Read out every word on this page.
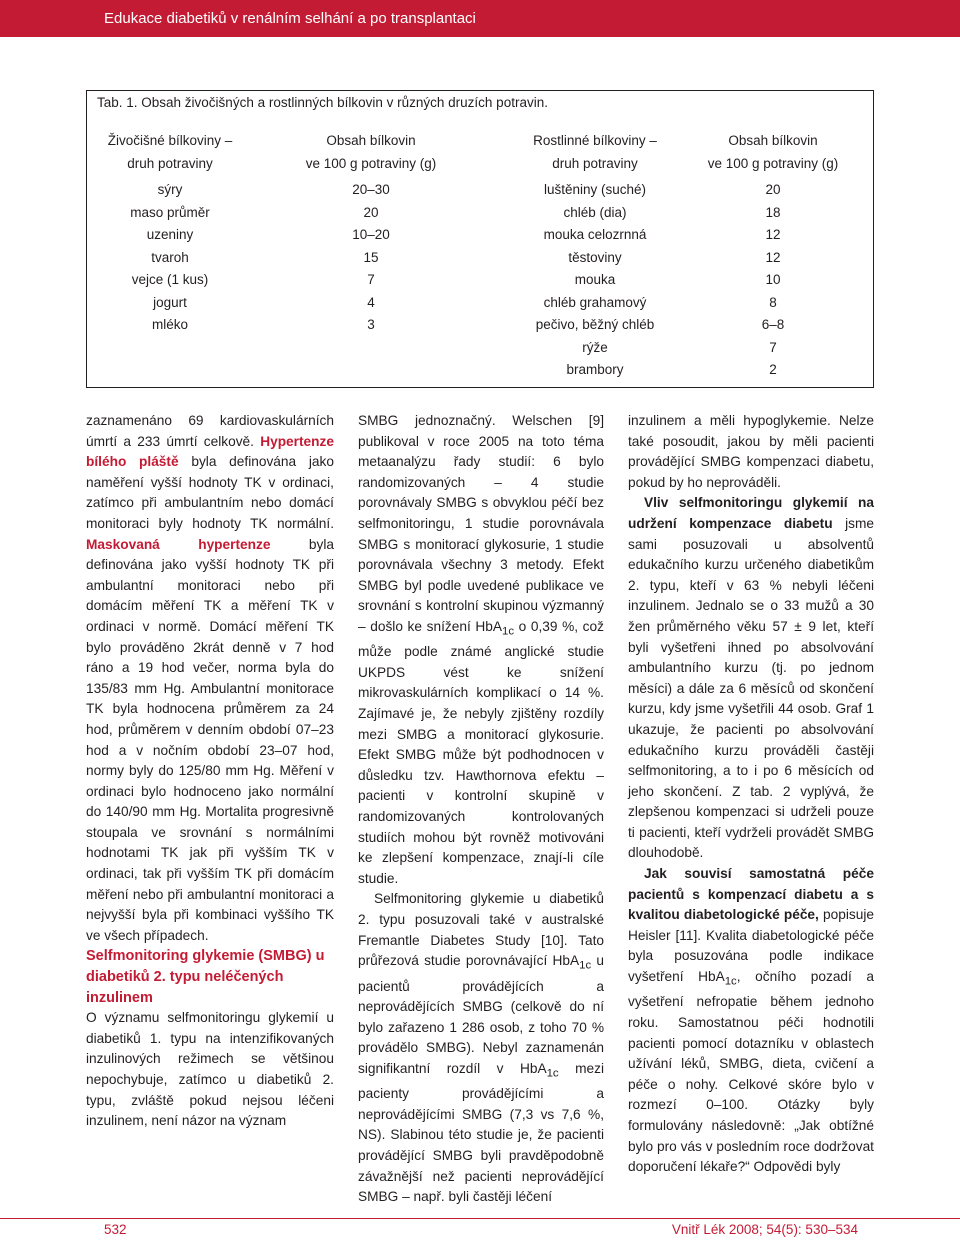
Edukace diabetiků v renálním selhání a po transplantaci
Tab. 1. Obsah živočišných a rostlinných bílkovin v různých druzích potravin.
Živočišné bílkoviny –
druh potraviny
sýry
maso průměr
uzeniny
tvaroh
vejce (1 kus)
jogurt
mléko
Obsah bílkovin
ve 100 g potraviny (g)
20–30
20
10–20
15
7
4
3
Rostlinné bílkoviny –
druh potraviny
luštěniny (suché)
chléb (dia)
mouka celozrnná
těstoviny
mouka
chléb grahamový
pečivo, běžný chléb
rýže
brambory
Obsah bílkovin
ve 100 g potraviny (g)
20
18
12
12
10
8
6–8
7
2

zaznamenáno 69 kardiovaskulárních úmrtí a 233 úmrtí celkově. Hypertenze bílého pláště byla definována jako naměření vyšší hodnoty TK v ordinaci, zatímco při ambulantním nebo domácí monitoraci byly hodnoty TK normální. Maskovaná hypertenze byla definována jako vyšší hodnoty TK při ambulantní monitoraci nebo při domácím měření TK a měření TK v ordinaci v normě. Domácí měření TK bylo prováděno 2krát denně v 7 hod ráno a 19 hod večer, norma byla do 135/83 mm Hg. Ambulantní monitorace TK byla hodnocena průměrem za 24 hod, průměrem v denním období 07–23 hod a v nočním období 23–07 hod, normy byly do 125/80 mm Hg. Měření v ordinaci bylo hodnoceno jako normální do 140/90 mm Hg. Mortalita progresivně stoupala ve srovnání s normálními hodnotami TK jak při vyšším TK v ordinaci, tak při vyšším TK při domácím měření nebo při ambulantní monitoraci a nejvyšší byla při kombinaci vyššího TK ve všech případech.

Selfmonitoring glykemie (SMBG) u diabetiků 2. typu neléčených inzulinem

O významu selfmonitoringu glykemií u diabetiků 1. typu na intenzifikovaných inzulinových režimech se většinou nepochybuje, zatímco u diabetiků 2. typu, zvláště pokud nejsou léčeni inzulinem, není názor na význam

SMBG jednoznačný. Welschen [9] publikoval v roce 2005 na toto téma metaanalýzu řady studií: 6 bylo randomizovaných – 4 studie porovnávaly SMBG s obvyklou péčí bez selfmonitoringu, 1 studie porovnávala SMBG s monitorací glykosurie, 1 studie porovnávala všechny 3 metody. Efekt SMBG byl podle uvedené publikace ve srovnání s kontrolní skupinou výzmanný – došlo ke snížení HbA$_{1c}$ o 0,39 %, což může podle známé anglické studie UKPDS vést ke snížení mikrovaskulárních komplikací o 14 %. Zajímavé je, že nebyly zjištěny rozdíly mezi SMBG a monitorací glykosurie. Efekt SMBG může být podhodnocen v důsledku tzv. Hawthornova efektu – pacienti v kontrolní skupině v randomizovaných kontrolovaných studiích mohou být rovněž motivováni ke zlepšení kompenzace, znají-li cíle studie.

Selfmonitoring glykemie u diabetiků 2. typu posuzovali také v australské Fremantle Diabetes Study [10]. Tato průřezová studie porovnávající HbA$_{1c}$ u pacientů provádějících a neprovádějících SMBG (celkově do ní bylo zařazeno 1 286 osob, z toho 70 % provádělo SMBG). Nebyl zaznamenán signifikantní rozdíl v HbA$_{1c}$ mezi pacienty provádějícími a neprovádějícími SMBG (7,3 vs 7,6 %, NS). Slabinou této studie je, že pacienti provádějící SMBG byli pravděpodobně závažnější než pacienti neprovádějící SMBG – např. byli častěji léčení

inzulinem a měli hypoglykemie. Nelze také posoudit, jakou by měli pacienti provádějící SMBG kompenzaci diabetu, pokud by ho neprováděli.

Vliv selfmonitoringu glykemií na udržení kompenzace diabetu jsme sami posuzovali u absolventů edukačního kurzu určeného diabetikům 2. typu, kteří v 63 % nebyli léčeni inzulinem. Jednalo se o 33 mužů a 30 žen průměrného věku 57 ± 9 let, kteří byli vyšetřeni ihned po absolvování ambulantního kurzu (tj. po jednom měsíci) a dále za 6 měsíců od skončení kurzu, kdy jsme vyšetřili 44 osob. Graf 1 ukazuje, že pacienti po absolvování edukačního kurzu prováděli častěji selfmonitoring, a to i po 6 měsících od jeho skončení. Z tab. 2 vyplývá, že zlepšenou kompenzaci si udrželi pouze ti pacienti, kteří vydrželi provádět SMBG dlouhodobě.

Jak souvisí samostatná péče pacientů s kompenzací diabetu a s kvalitou diabetologické péče, popisuje Heisler [11]. Kvalita diabetologické péče byla posuzována podle indikace vyšetření HbA$_{1c}$, očního pozadí a vyšetření nefropatie během jednoho roku. Samostatnou péči hodnotili pacienti pomocí dotazníku v oblastech užívání léků, SMBG, dieta, cvičení a péče o nohy. Celkové skóre bylo v rozmezí 0–100. Otázky byly formulovány následovně: „Jak obtížné bylo pro vás v posledním roce dodržovat doporučení lékaře?“ Odpovědi byly

532	Vnitř Lék 2008; 54(5): 530–534
